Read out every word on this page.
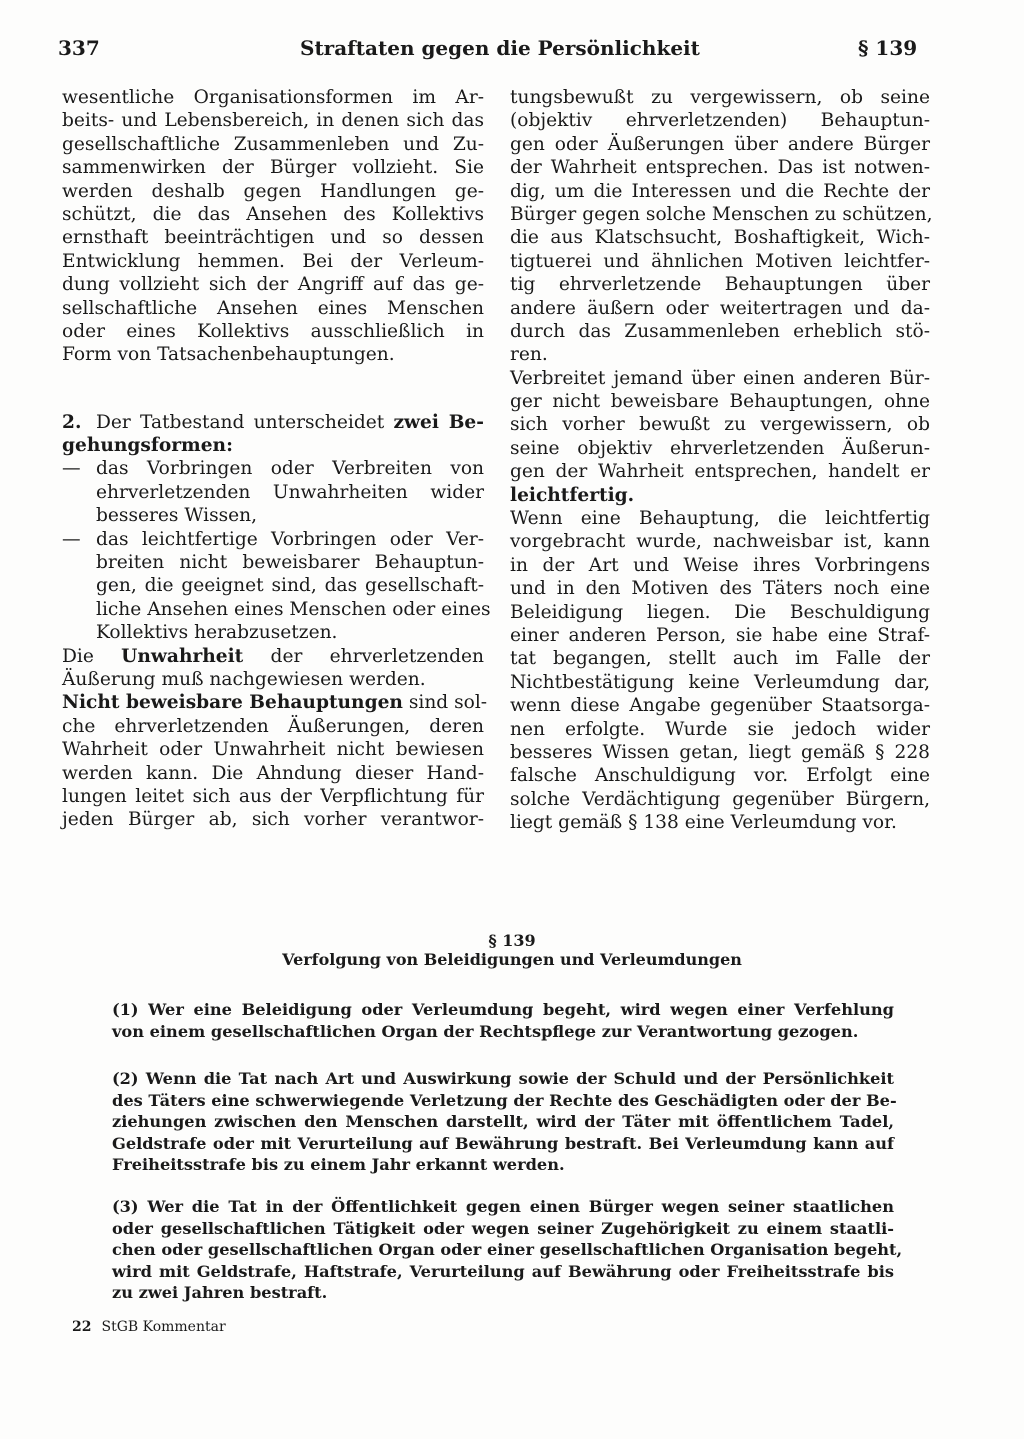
337	Straftaten gegen die Persönlichkeit	§ 139
wesentliche Organisationsformen im Ar-
beits- und Lebensbereich, in denen sich das
gesellschaftliche Zusammenleben und Zu-
sammenwirken der Bürger vollzieht. Sie
werden deshalb gegen Handlungen ge-
schützt, die das Ansehen des Kollektivs
ernsthaft beeinträchtigen und so dessen
Entwicklung hemmen. Bei der Verleum-
dung vollzieht sich der Angriff auf das ge-
sellschaftliche Ansehen eines Menschen
oder eines Kollektivs ausschließlich in
Form von Tatsachenbehauptungen.
2. Der Tatbestand unterscheidet zwei Be-
gehungsformen:
— das Vorbringen oder Verbreiten von
ehrverletzenden Unwahrheiten wider
besseres Wissen,
— das leichtfertige Vorbringen oder Ver-
breiten nicht beweisbarer Behauptun-
gen, die geeignet sind, das gesellschaft-
liche Ansehen eines Menschen oder eines
Kollektivs herabzusetzen.
Die Unwahrheit der ehrverletzenden
Äußerung muß nachgewiesen werden.
Nicht beweisbare Behauptungen sind sol-
che ehrverletzenden Äußerungen, deren
Wahrheit oder Unwahrheit nicht bewiesen
werden kann. Die Ahndung dieser Hand-
lungen leitet sich aus der Verpflichtung für
jeden Bürger ab, sich vorher verantwor-
tungsbewußt zu vergewissern, ob seine
(objektiv ehrverletzenden) Behauptun-
gen oder Äußerungen über andere Bürger
der Wahrheit entsprechen. Das ist notwen-
dig, um die Interessen und die Rechte der
Bürger gegen solche Menschen zu schützen,
die aus Klatschsucht, Boshaftigkeit, Wich-
tigtuerei und ähnlichen Motiven leichtfer-
tig ehrverletzende Behauptungen über
andere äußern oder weitertragen und da-
durch das Zusammenleben erheblich stö-
ren.
Verbreitet jemand über einen anderen Bür-
ger nicht beweisbare Behauptungen, ohne
sich vorher bewußt zu vergewissern, ob
seine objektiv ehrverletzenden Äußerun-
gen der Wahrheit entsprechen, handelt er
leichtfertig.
Wenn eine Behauptung, die leichtfertig
vorgebracht wurde, nachweisbar ist, kann
in der Art und Weise ihres Vorbringens
und in den Motiven des Täters noch eine
Beleidigung liegen. Die Beschuldigung
einer anderen Person, sie habe eine Straf-
tat begangen, stellt auch im Falle der
Nichtbestätigung keine Verleumdung dar,
wenn diese Angabe gegenüber Staatsorga-
nen erfolgte. Wurde sie jedoch wider
besseres Wissen getan, liegt gemäß § 228
falsche Anschuldigung vor. Erfolgt eine
solche Verdächtigung gegenüber Bürgern,
liegt gemäß § 138 eine Verleumdung vor.
§ 139
Verfolgung von Beleidigungen und Verleumdungen
(1) Wer eine Beleidigung oder Verleumdung begeht, wird wegen einer Verfehlung
von einem gesellschaftlichen Organ der Rechtspflege zur Verantwortung gezogen.
(2) Wenn die Tat nach Art und Auswirkung sowie der Schuld und der Persönlichkeit
des Täters eine schwerwiegende Verletzung der Rechte des Geschädigten oder der Be-
ziehungen zwischen den Menschen darstellt, wird der Täter mit öffentlichem Tadel,
Geldstrafe oder mit Verurteilung auf Bewährung bestraft. Bei Verleumdung kann auf
Freiheitsstrafe bis zu einem Jahr erkannt werden.
(3) Wer die Tat in der Öffentlichkeit gegen einen Bürger wegen seiner staatlichen
oder gesellschaftlichen Tätigkeit oder wegen seiner Zugehörigkeit zu einem staatli-
chen oder gesellschaftlichen Organ oder einer gesellschaftlichen Organisation begeht,
wird mit Geldstrafe, Haftstrafe, Verurteilung auf Bewährung oder Freiheitsstrafe bis
zu zwei Jahren bestraft.
22 StGB Kommentar
